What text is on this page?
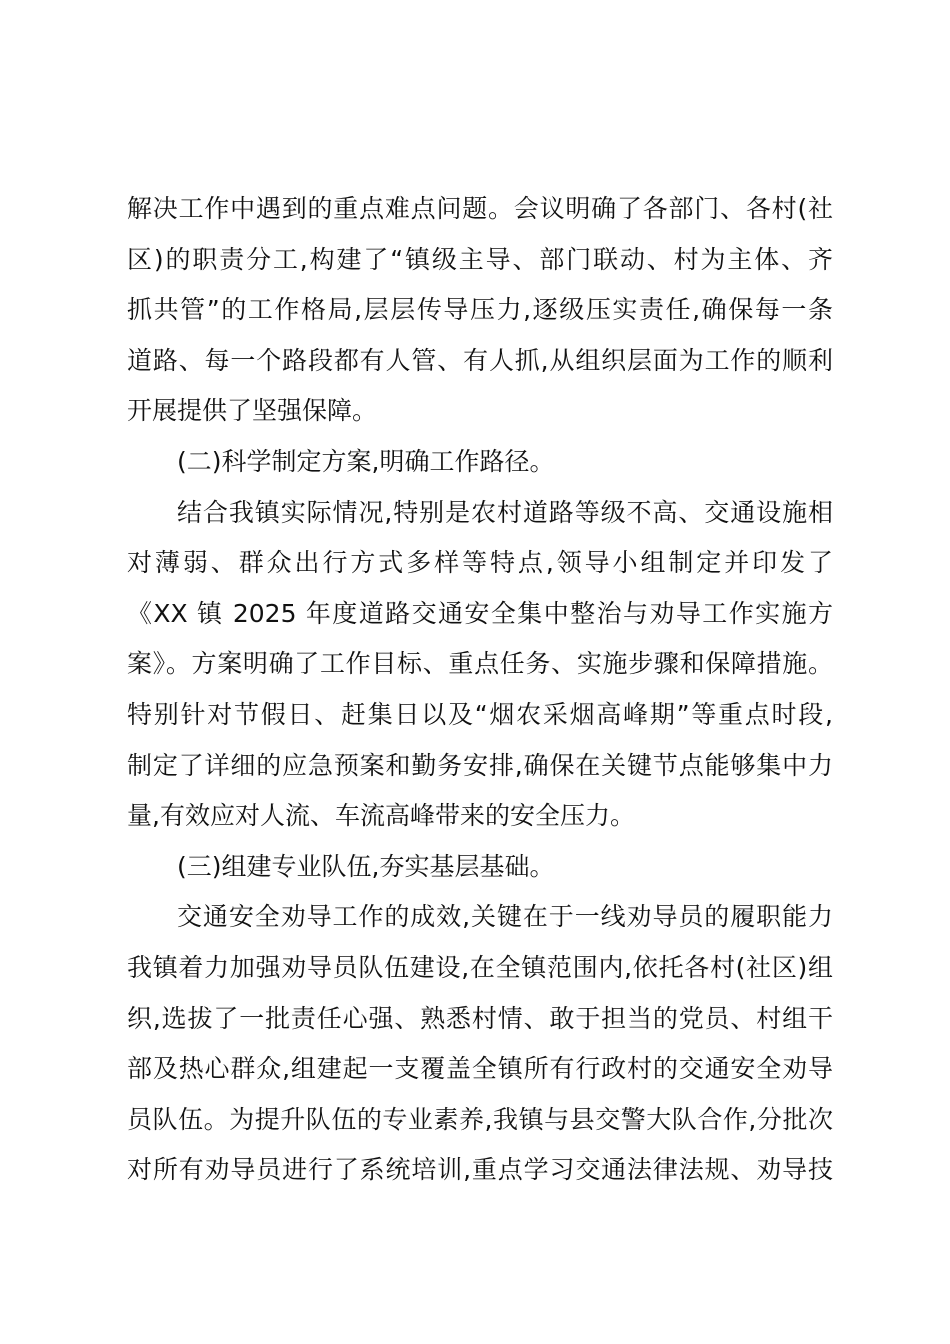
解决工作中遇到的重点难点问题。会议明确了各部门、各村(社
区)的职责分工,构建了“镇级主导、部门联动、村为主体、齐
抓共管”的工作格局,层层传导压力,逐级压实责任,确保每一条
道路、每一个路段都有人管、有人抓,从组织层面为工作的顺利
开展提供了坚强保障。
(二)科学制定方案,明确工作路径。
结合我镇实际情况,特别是农村道路等级不高、交通设施相
对薄弱、群众出行方式多样等特点,领导小组制定并印发了
《XX 镇 2025 年度道路交通安全集中整治与劝导工作实施方
案》。方案明确了工作目标、重点任务、实施步骤和保障措施。
特别针对节假日、赶集日以及“烟农采烟高峰期”等重点时段,
制定了详细的应急预案和勤务安排,确保在关键节点能够集中力
量,有效应对人流、车流高峰带来的安全压力。
(三)组建专业队伍,夯实基层基础。
交通安全劝导工作的成效,关键在于一线劝导员的履职能力
我镇着力加强劝导员队伍建设,在全镇范围内,依托各村(社区)组
织,选拔了一批责任心强、熟悉村情、敢于担当的党员、村组干
部及热心群众,组建起一支覆盖全镇所有行政村的交通安全劝导
员队伍。为提升队伍的专业素养,我镇与县交警大队合作,分批次
对所有劝导员进行了系统培训,重点学习交通法律法规、劝导技
